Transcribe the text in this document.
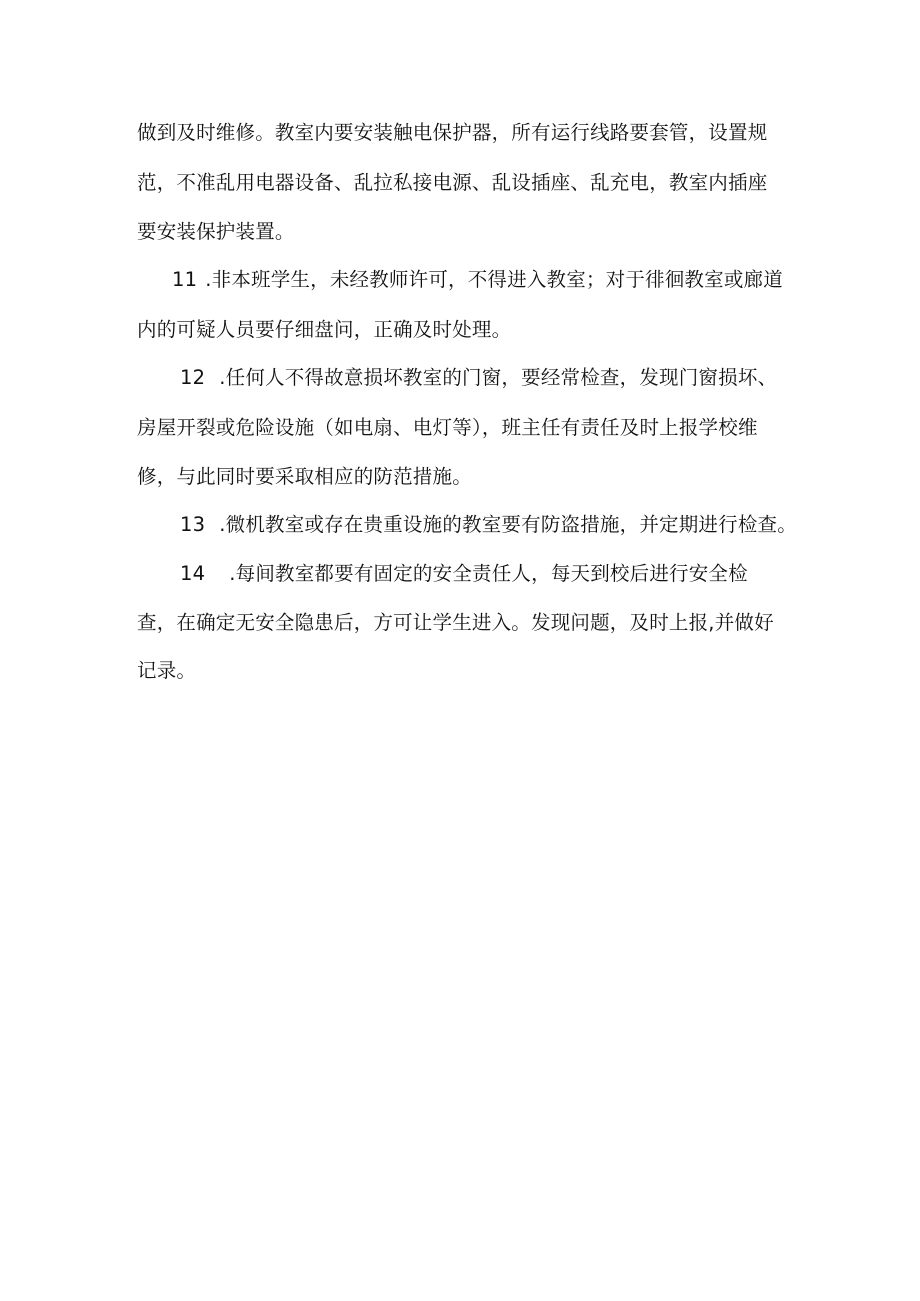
做到及时维修。教室内要安装触电保护器，所有运行线路要套管，设置规
范，不准乱用电器设备、乱拉私接电源、乱设插座、乱充电，教室内插座
要安装保护装置。
11 .非本班学生，未经教师许可，不得进入教室；对于徘徊教室或廊道
内的可疑人员要仔细盘问，正确及时处理。
12 .任何人不得故意损坏教室的门窗，要经常检查，发现门窗损坏、
房屋开裂或危险设施（如电扇、电灯等），班主任有责任及时上报学校维
修，与此同时要采取相应的防范措施。
13 .微机教室或存在贵重设施的教室要有防盗措施，并定期进行检查。
14 .每间教室都要有固定的安全责任人，每天到校后进行安全检
查，在确定无安全隐患后，方可让学生进入。发现问题，及时上报,并做好
记录。
